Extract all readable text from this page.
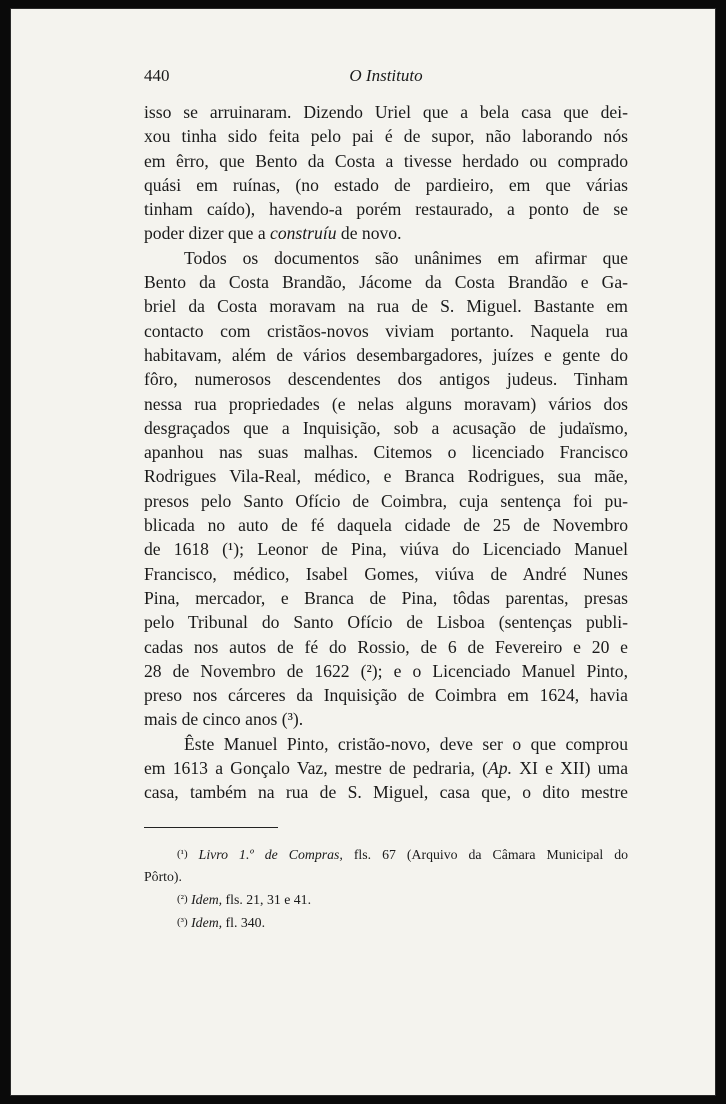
440	O Instituto
isso se arruinaram. Dizendo Uriel que a bela casa que dei-
xou tinha sido feita pelo pai é de supor, não laborando nós
em êrro, que Bento da Costa a tivesse herdado ou comprado
quási em ruínas, (no estado de pardieiro, em que várias
tinham caído), havendo-a porém restaurado, a ponto de se
poder dizer que a construíu de novo.
Todos os documentos são unânimes em afirmar que
Bento da Costa Brandão, Jácome da Costa Brandão e Ga-
briel da Costa moravam na rua de S. Miguel. Bastante em
contacto com cristãos-novos viviam portanto. Naquela rua
habitavam, além de vários desembargadores, juízes e gente do
fôro, numerosos descendentes dos antigos judeus. Tinham
nessa rua propriedades (e nelas alguns moravam) vários dos
desgraçados que a Inquisição, sob a acusação de judaïsmo,
apanhou nas suas malhas. Citemos o licenciado Francisco
Rodrigues Vila-Real, médico, e Branca Rodrigues, sua mãe,
presos pelo Santo Ofício de Coimbra, cuja sentença foi pu-
blicada no auto de fé daquela cidade de 25 de Novembro
de 1618 (¹); Leonor de Pina, viúva do Licenciado Manuel
Francisco, médico, Isabel Gomes, viúva de André Nunes
Pina, mercador, e Branca de Pina, tôdas parentas, presas
pelo Tribunal do Santo Ofício de Lisboa (sentenças publi-
cadas nos autos de fé do Rossio, de 6 de Fevereiro e 20 e
28 de Novembro de 1622 (²); e o Licenciado Manuel Pinto,
preso nos cárceres da Inquisição de Coimbra em 1624, havia
mais de cinco anos (³).
Êste Manuel Pinto, cristão-novo, deve ser o que comprou
em 1613 a Gonçalo Vaz, mestre de pedraria, (Ap. XI e XII) uma
casa, também na rua de S. Miguel, casa que, o dito mestre
(¹) Livro 1.º de Compras, fls. 67 (Arquivo da Câmara Municipal do
Pôrto).
(²) Idem, fls. 21, 31 e 41.
(³) Idem, fl. 340.
